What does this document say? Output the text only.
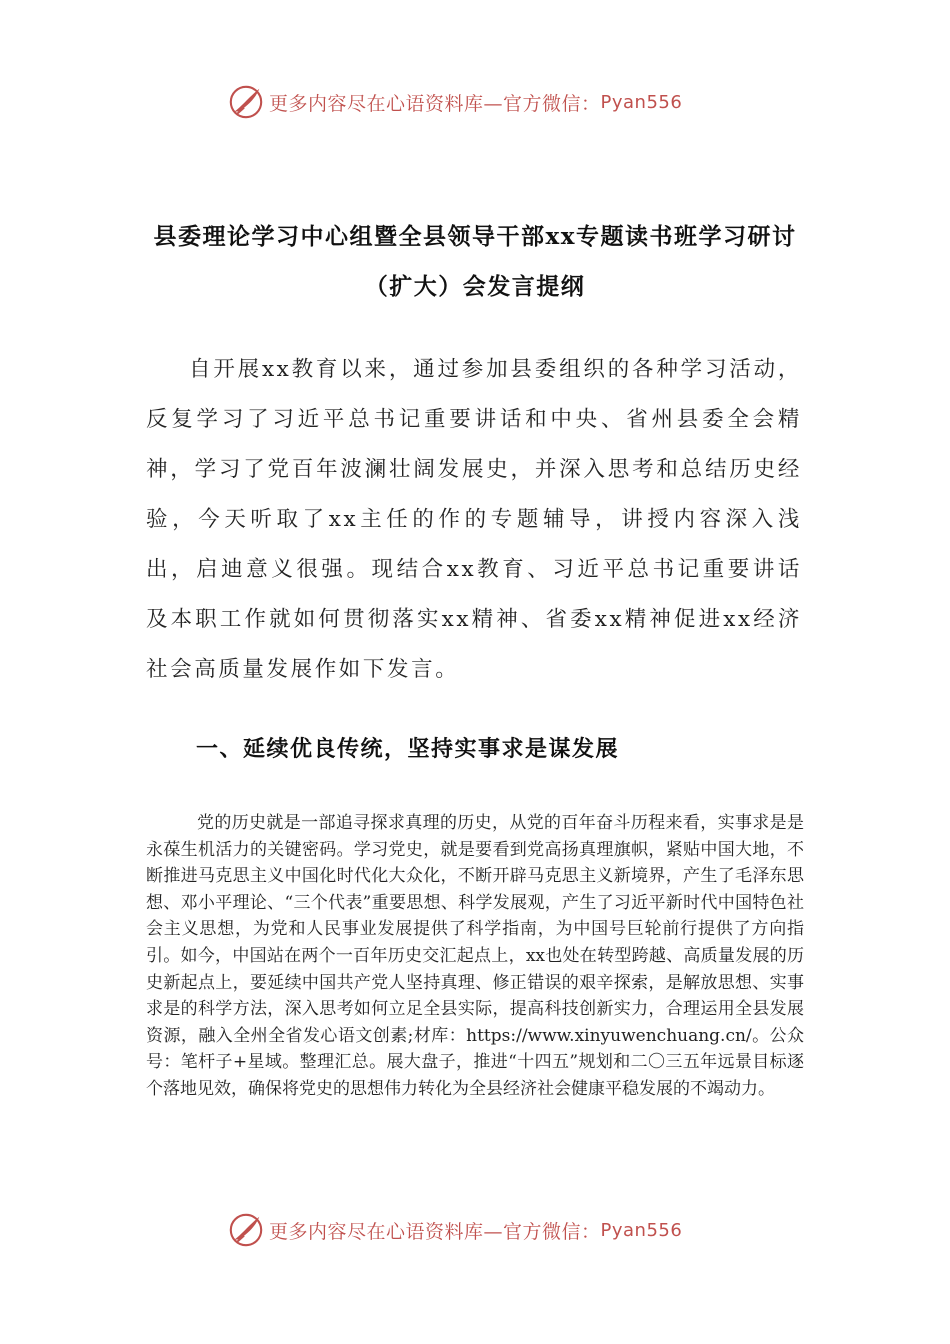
更多内容尽在心语资料库—官方微信： Pyan556
县委理论学习中心组暨全县领导干部xx专题读书班学习研讨（扩大）会发言提纲

自开展xx教育以来，通过参加县委组织的各种学习活动，反复学习了习近平总书记重要讲话和中央、省州县委全会精神，学习了党百年波澜壮阔发展史，并深入思考和总结历史经验，今天听取了xx主任的作的专题辅导，讲授内容深入浅出，启迪意义很强。现结合xx教育、习近平总书记重要讲话及本职工作就如何贯彻落实xx精神、省委xx精神促进xx经济社会高质量发展作如下发言。

一、延续优良传统，坚持实事求是谋发展

党的历史就是一部追寻探求真理的历史，从党的百年奋斗历程来看，实事求是是永葆生机活力的关键密码。学习党史，就是要看到党高扬真理旗帜，紧贴中国大地，不断推进马克思主义中国化时代化大众化，不断开辟马克思主义新境界，产生了毛泽东思想、邓小平理论、“三个代表”重要思想、科学发展观，产生了习近平新时代中国特色社会主义思想，为党和人民事业发展提供了科学指南，为中国号巨轮前行提供了方向指引。如今，中国站在两个一百年历史交汇起点上，xx也处在转型跨越、高质量发展的历史新起点上，要延续中国共产党人坚持真理、修正错误的艰辛探索，是解放思想、实事求是的科学方法，深入思考如何立足全县实际，提高科技创新实力，合理运用全县发展资源，融入全州全省发心语文创素;材库：https://www.xinyuwenchuang.cn/。公众号：笔杆子+星域。整理汇总。展大盘子，推进“十四五”规划和二〇三五年远景目标逐个落地见效，确保将党史的思想伟力转化为全县经济社会健康平稳发展的不竭动力。

更多内容尽在心语资料库—官方微信： Pyan556
